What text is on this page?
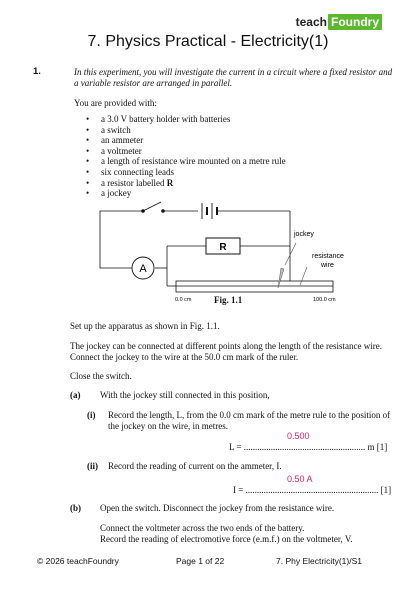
teach Foundry
7. Physics Practical - Electricity(1)
1.	In this experiment, you will investigate the current in a circuit where a fixed resistor and
a variable resistor are arranged in parallel.
You are provided with:
• a 3.0 V battery holder with batteries
• a switch
• an ammeter
• a voltmeter
• a length of resistance wire mounted on a metre rule
• six connecting leads
• a resistor labelled R
• a jockey
R
A
jockey
resistance
wire
0.0 cm	100.0 cm
Fig. 1.1
Set up the apparatus as shown in Fig. 1.1.
The jockey can be connected at different points along the length of the resistance wire.
Connect the jockey to the wire at the 50.0 cm mark of the ruler.
Close the switch.
(a) With the jockey still connected in this position,
(i) Record the length, L, from the 0.0 cm mark of the metre rule to the position of
the jockey on the wire, in metres.
0.500
L = ...................................................... m [1]
(ii) Record the reading of current on the ammeter, I.
0.50 A
I = ........................................................... [1]
(b) Open the switch. Disconnect the jockey from the resistance wire.
Connect the voltmeter across the two ends of the battery.
Record the reading of electromotive force (e.m.f.) on the voltmeter, V.
© 2026 teachFoundry	Page 1 of 22	7. Phy Electricity(1)/S1
